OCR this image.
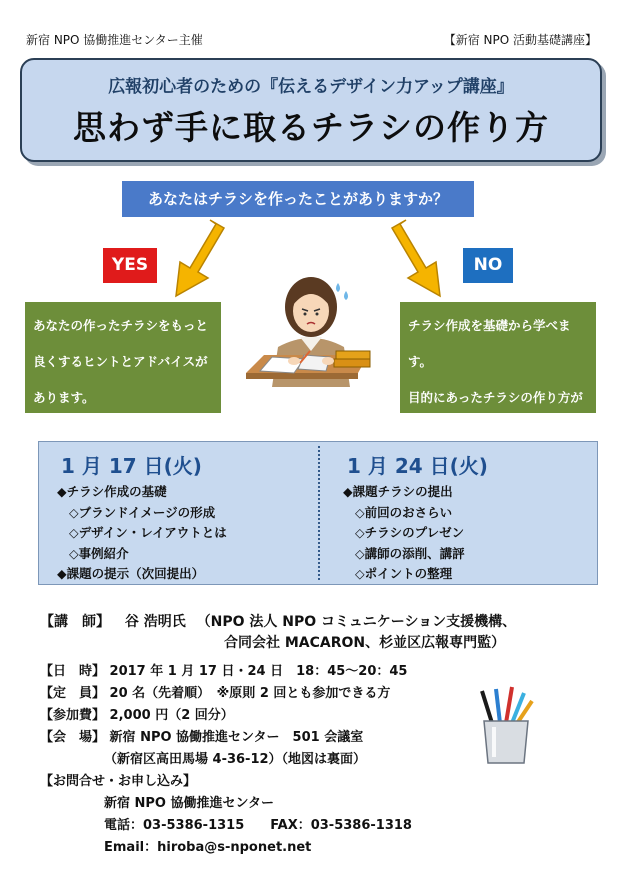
新宿 NPO 協働推進センター主催	【新宿 NPO 活動基礎講座】
広報初心者のための『伝えるデザイン力アップ講座』
思わず手に取るチラシの作り方
あなたはチラシを作ったことがありますか？
YES	NO
あなたの作ったチラシをもっと
良くするヒントとアドバイスが
あります。
チラシ作成を基礎から学べます。
目的にあったチラシの作り方が
わかります。
1 月 17 日(火)
◆チラシ作成の基礎
◇ブランドイメージの形成
◇デザイン・レイアウトとは
◇事例紹介
◆課題の提示（次回提出）
1 月 24 日(火)
◆課題チラシの提出
◇前回のおさらい
◇チラシのプレゼン
◇講師の添削、講評
◇ポイントの整理
【講　師】 谷 浩明氏 （NPO 法人 NPO コミュニケーション支援機構、
合同会社 MACARON、杉並区広報専門監）
【日　時】 2017 年 1 月 17 日・24 日　18：45～20：45
【定　員】 20 名（先着順）　※原則 2 回とも参加できる方
【参加費】 2,000 円（2 回分）
【会　場】 新宿 NPO 協働推進センター　501 会議室
（新宿区高田馬場 4-36-12）（地図は裏面）
【お問合せ・お申し込み】
新宿 NPO 協働推進センター
電話：03-5386-1315　　FAX：03-5386-1318
Email：hiroba@s-nponet.net
